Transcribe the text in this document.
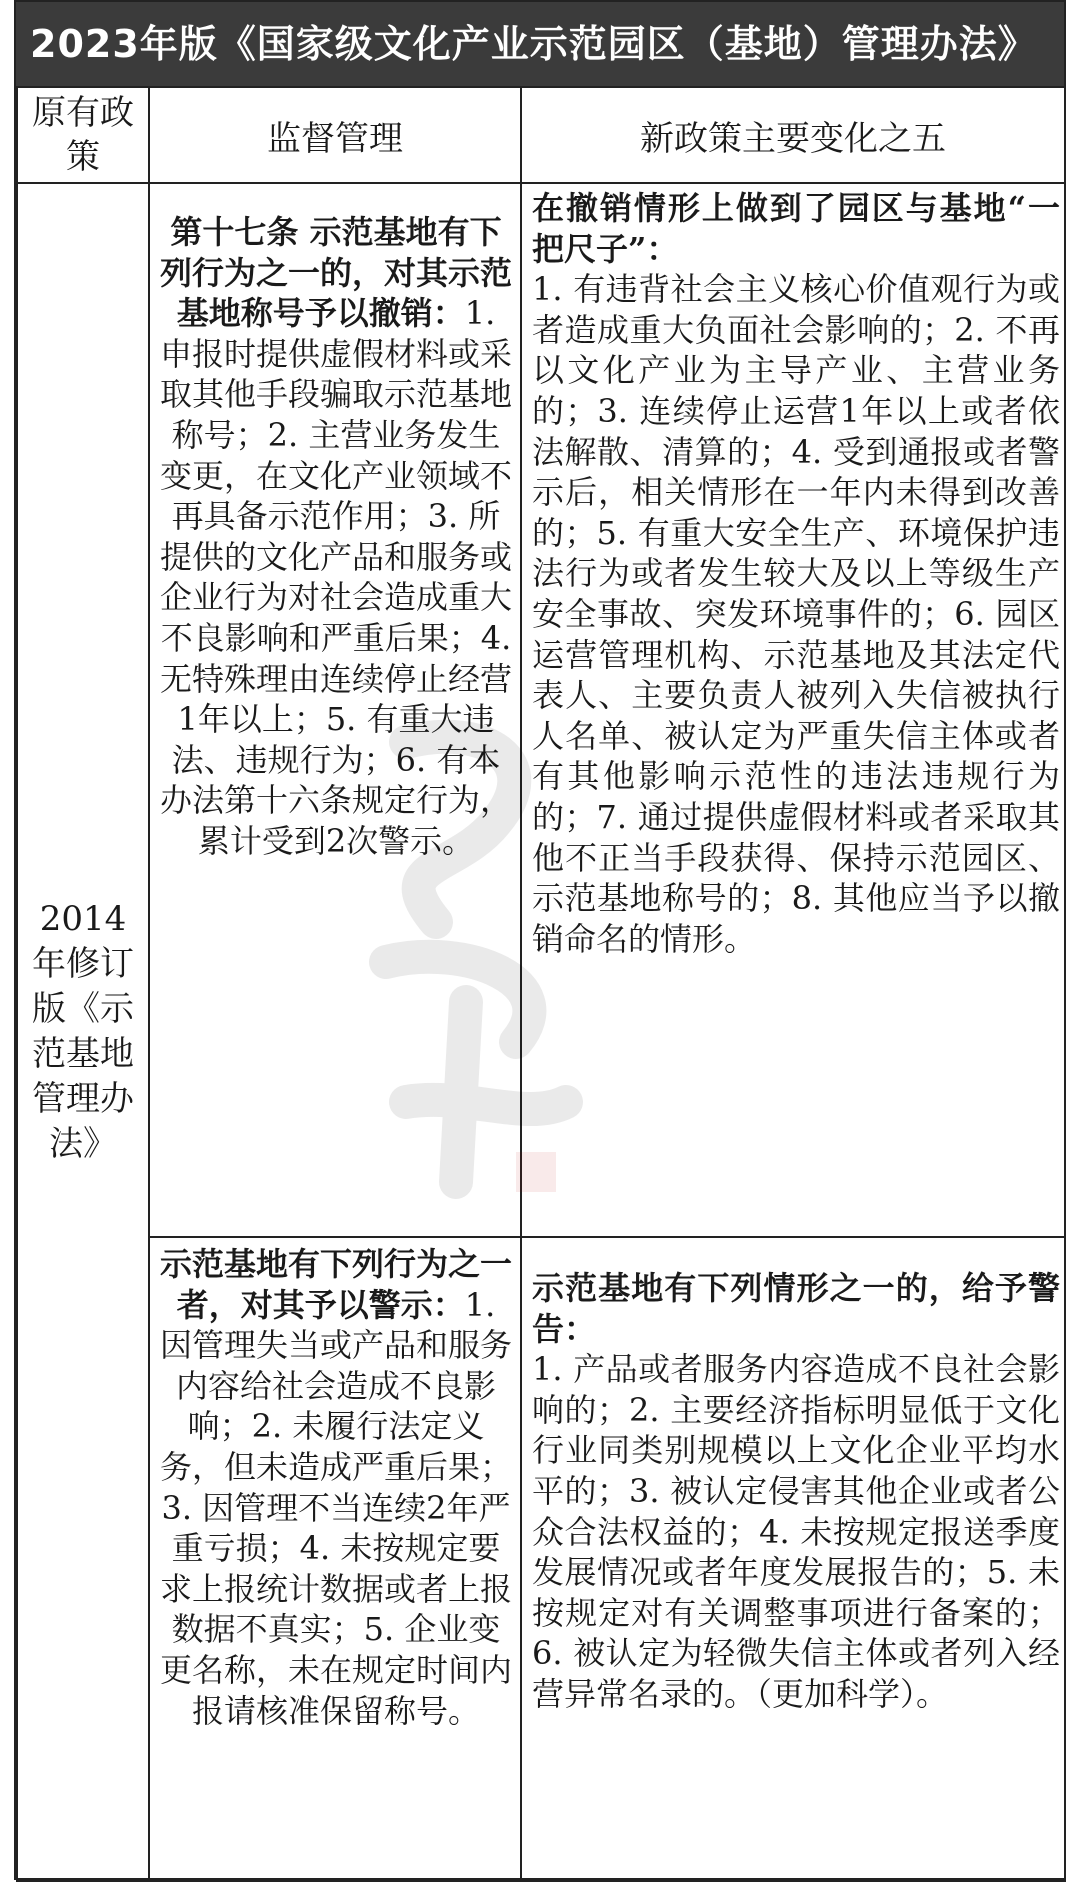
2023年版《国家级文化产业示范园区（基地）管理办法》
原有政策	监督管理	新政策主要变化之五
2014年修订版《示范基地管理办法》	第十七条 示范基地有下列行为之一的，对其示范基地称号予以撤销：1. 申报时提供虚假材料或采取其他手段骗取示范基地称号；2. 主营业务发生变更，在文化产业领域不再具备示范作用；3. 所提供的文化产品和服务或企业行为对社会造成重大不良影响和严重后果；4. 无特殊理由连续停止经营1年以上；5. 有重大违法、违规行为；6. 有本办法第十六条规定行为，累计受到2次警示。	在撤销情形上做到了园区与基地“一把尺子”：
1. 有违背社会主义核心价值观行为或者造成重大负面社会影响的；2. 不再以文化产业为主导产业、主营业务的；3. 连续停止运营1年以上或者依法解散、清算的；4. 受到通报或者警示后，相关情形在一年内未得到改善的；5. 有重大安全生产、环境保护违法行为或者发生较大及以上等级生产安全事故、突发环境事件的；6. 园区运营管理机构、示范基地及其法定代表人、主要负责人被列入失信被执行人名单、被认定为严重失信主体或者有其他影响示范性的违法违规行为的；7. 通过提供虚假材料或者采取其他不正当手段获得、保持示范园区、示范基地称号的；8. 其他应当予以撤销命名的情形。

	示范基地有下列行为之一者，对其予以警示：1. 因管理失当或产品和服务内容给社会造成不良影响；2. 未履行法定义务，但未造成严重后果；3. 因管理不当连续2年严重亏损；4. 未按规定要求上报统计数据或者上报数据不真实；5. 企业变更名称，未在规定时间内报请核准保留称号。	示范基地有下列情形之一的，给予警告：
1. 产品或者服务内容造成不良社会影响的；2. 主要经济指标明显低于文化行业同类别规模以上文化企业平均水平的；3. 被认定侵害其他企业或者公众合法权益的；4. 未按规定报送季度发展情况或者年度发展报告的；5. 未按规定对有关调整事项进行备案的；6. 被认定为轻微失信主体或者列入经营异常名录的。（更加科学）。
